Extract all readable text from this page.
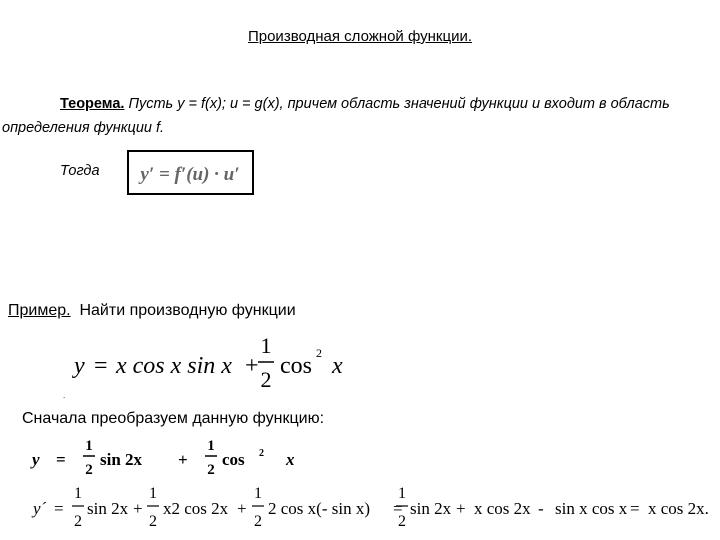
Производная сложной функции.
Теорема. Пусть y = f(x); u = g(x), причем область значений функции u входит в область определения функции f.
Тогда y′ = f′(u) · u′
Пример. Найти производную функции
y = x cos x sin x +
1
2
cos 2 x
.
Сначала преобразуем данную функцию:
y =
1
2
sin 2x +
1
2
cos 2 x
y´ =
1
2
sin 2x +
1
2
x2 cos 2x +
1
2
2 cos x(- sin x) =
1
2
sin 2x + x cos 2x - sin x cos x = x cos 2x.
